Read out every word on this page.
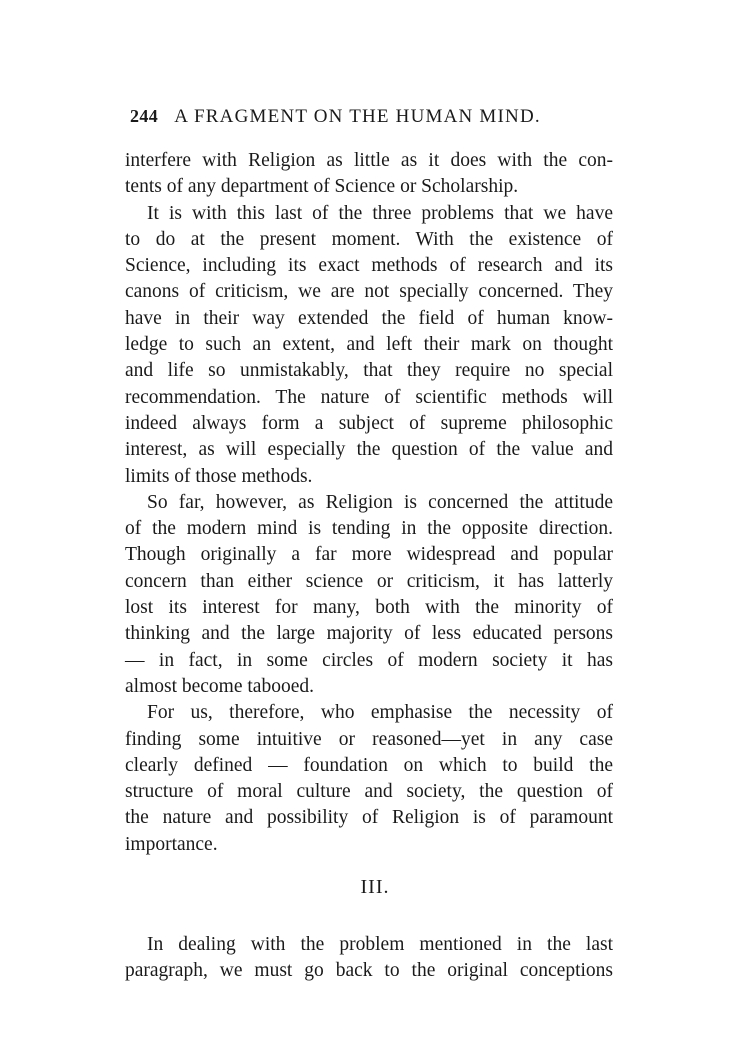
244 A FRAGMENT ON THE HUMAN MIND.
interfere with Religion as little as it does with the con-
tents of any department of Science or Scholarship.
It is with this last of the three problems that we have
to do at the present moment. With the existence of
Science, including its exact methods of research and its
canons of criticism, we are not specially concerned. They
have in their way extended the field of human know-
ledge to such an extent, and left their mark on thought
and life so unmistakably, that they require no special
recommendation. The nature of scientific methods will
indeed always form a subject of supreme philosophic
interest, as will especially the question of the value and
limits of those methods.
So far, however, as Religion is concerned the attitude
of the modern mind is tending in the opposite direction.
Though originally a far more widespread and popular
concern than either science or criticism, it has latterly
lost its interest for many, both with the minority of
thinking and the large majority of less educated persons
— in fact, in some circles of modern society it has
almost become tabooed.
For us, therefore, who emphasise the necessity of
finding some intuitive or reasoned—yet in any case
clearly defined — foundation on which to build the
structure of moral culture and society, the question of
the nature and possibility of Religion is of paramount
importance.
III.
In dealing with the problem mentioned in the last
paragraph, we must go back to the original conceptions
